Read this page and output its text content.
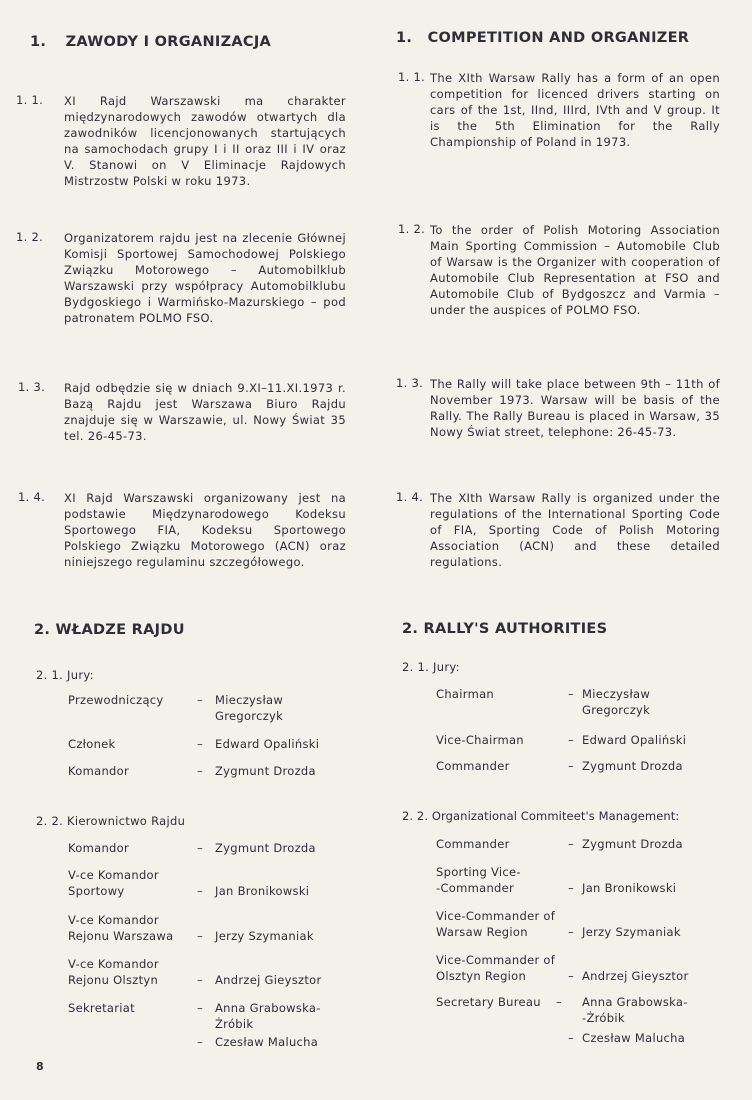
1. ZAWODY I ORGANIZACJA
1. 1. XI Rajd Warszawski ma charakter międzynarodowych zawodów otwartych dla zawodników licencjonowanych startujących na samochodach grupy I i II oraz III i IV oraz V. Stanowi on V Eliminacje Rajdowych Mistrzostw Polski w roku 1973.
1. 2. Organizatorem rajdu jest na zlecenie Głównej Komisji Sportowej Samochodowej Polskiego Związku Motorowego – Automobilklub Warszawski przy współpracy Automobilklubu Bydgoskiego i Warmińsko-Mazurskiego – pod patronatem POLMO FSO.
1. 3. Rajd odbędzie się w dniach 9.XI–11.XI.1973 r. Bazą Rajdu jest Warszawa Biuro Rajdu znajduje się w Warszawie, ul. Nowy Świat 35 tel. 26-45-73.
1. 4. XI Rajd Warszawski organizowany jest na podstawie Międzynarodowego Kodeksu Sportowego FIA, Kodeksu Sportowego Polskiego Związku Motorowego (ACN) oraz niniejszego regulaminu szczegółowego.
2. WŁADZE RAJDU
2. 1. Jury:
Przewodniczący	– Mieczysław
Gregorczyk
Członek	– Edward Opaliński
Komandor	– Zygmunt Drozda
2. 2. Kierownictwo Rajdu
Komandor	– Zygmunt Drozda
V-ce Komandor
Sportowy	– Jan Bronikowski
V-ce Komandor
Rejonu Warszawa – Jerzy Szymaniak
V-ce Komandor
Rejonu Olsztyn	– Andrzej Gieysztor
Sekretariat	– Anna Grabowska-
Żróbik
– Czesław Malucha
8
1. COMPETITION AND ORGANIZER
1. 1. The XIth Warsaw Rally has a form of an open competition for licenced drivers starting on cars of the 1st, IInd, IIIrd, IVth and V group. It is the 5th Elimination for the Rally Championship of Poland in 1973.
1. 2. To the order of Polish Motoring Association Main Sporting Commission – Automobile Club of Warsaw is the Organizer with cooperation of Automobile Club Representation at FSO and Automobile Club of Bydgoszcz and Varmia – under the auspices of POLMO FSO.
1. 3. The Rally will take place between 9th – 11th of November 1973. Warsaw will be basis of the Rally. The Rally Bureau is placed in Warsaw, 35 Nowy Świat street, telephone: 26-45-73.
1. 4. The XIth Warsaw Rally is organized under the regulations of the International Sporting Code of FIA, Sporting Code of Polish Motoring Association (ACN) and these detailed regulations.
2. RALLY'S AUTHORITIES
2. 1. Jury:
Chairman	– Mieczysław
Gregorczyk
Vice-Chairman	– Edward Opaliński
Commander	– Zygmunt Drozda
2. 2. Organizational Commiteet's Management:
Commander	– Zygmunt Drozda
Sporting Vice-
-Commander	– Jan Bronikowski
Vice-Commander of
Warsaw Region	– Jerzy Szymaniak
Vice-Commander of
Olsztyn Region	– Andrzej Gieysztor
Secretary Bureau – Anna Grabowska-
-Żróbik
– Czesław Malucha
